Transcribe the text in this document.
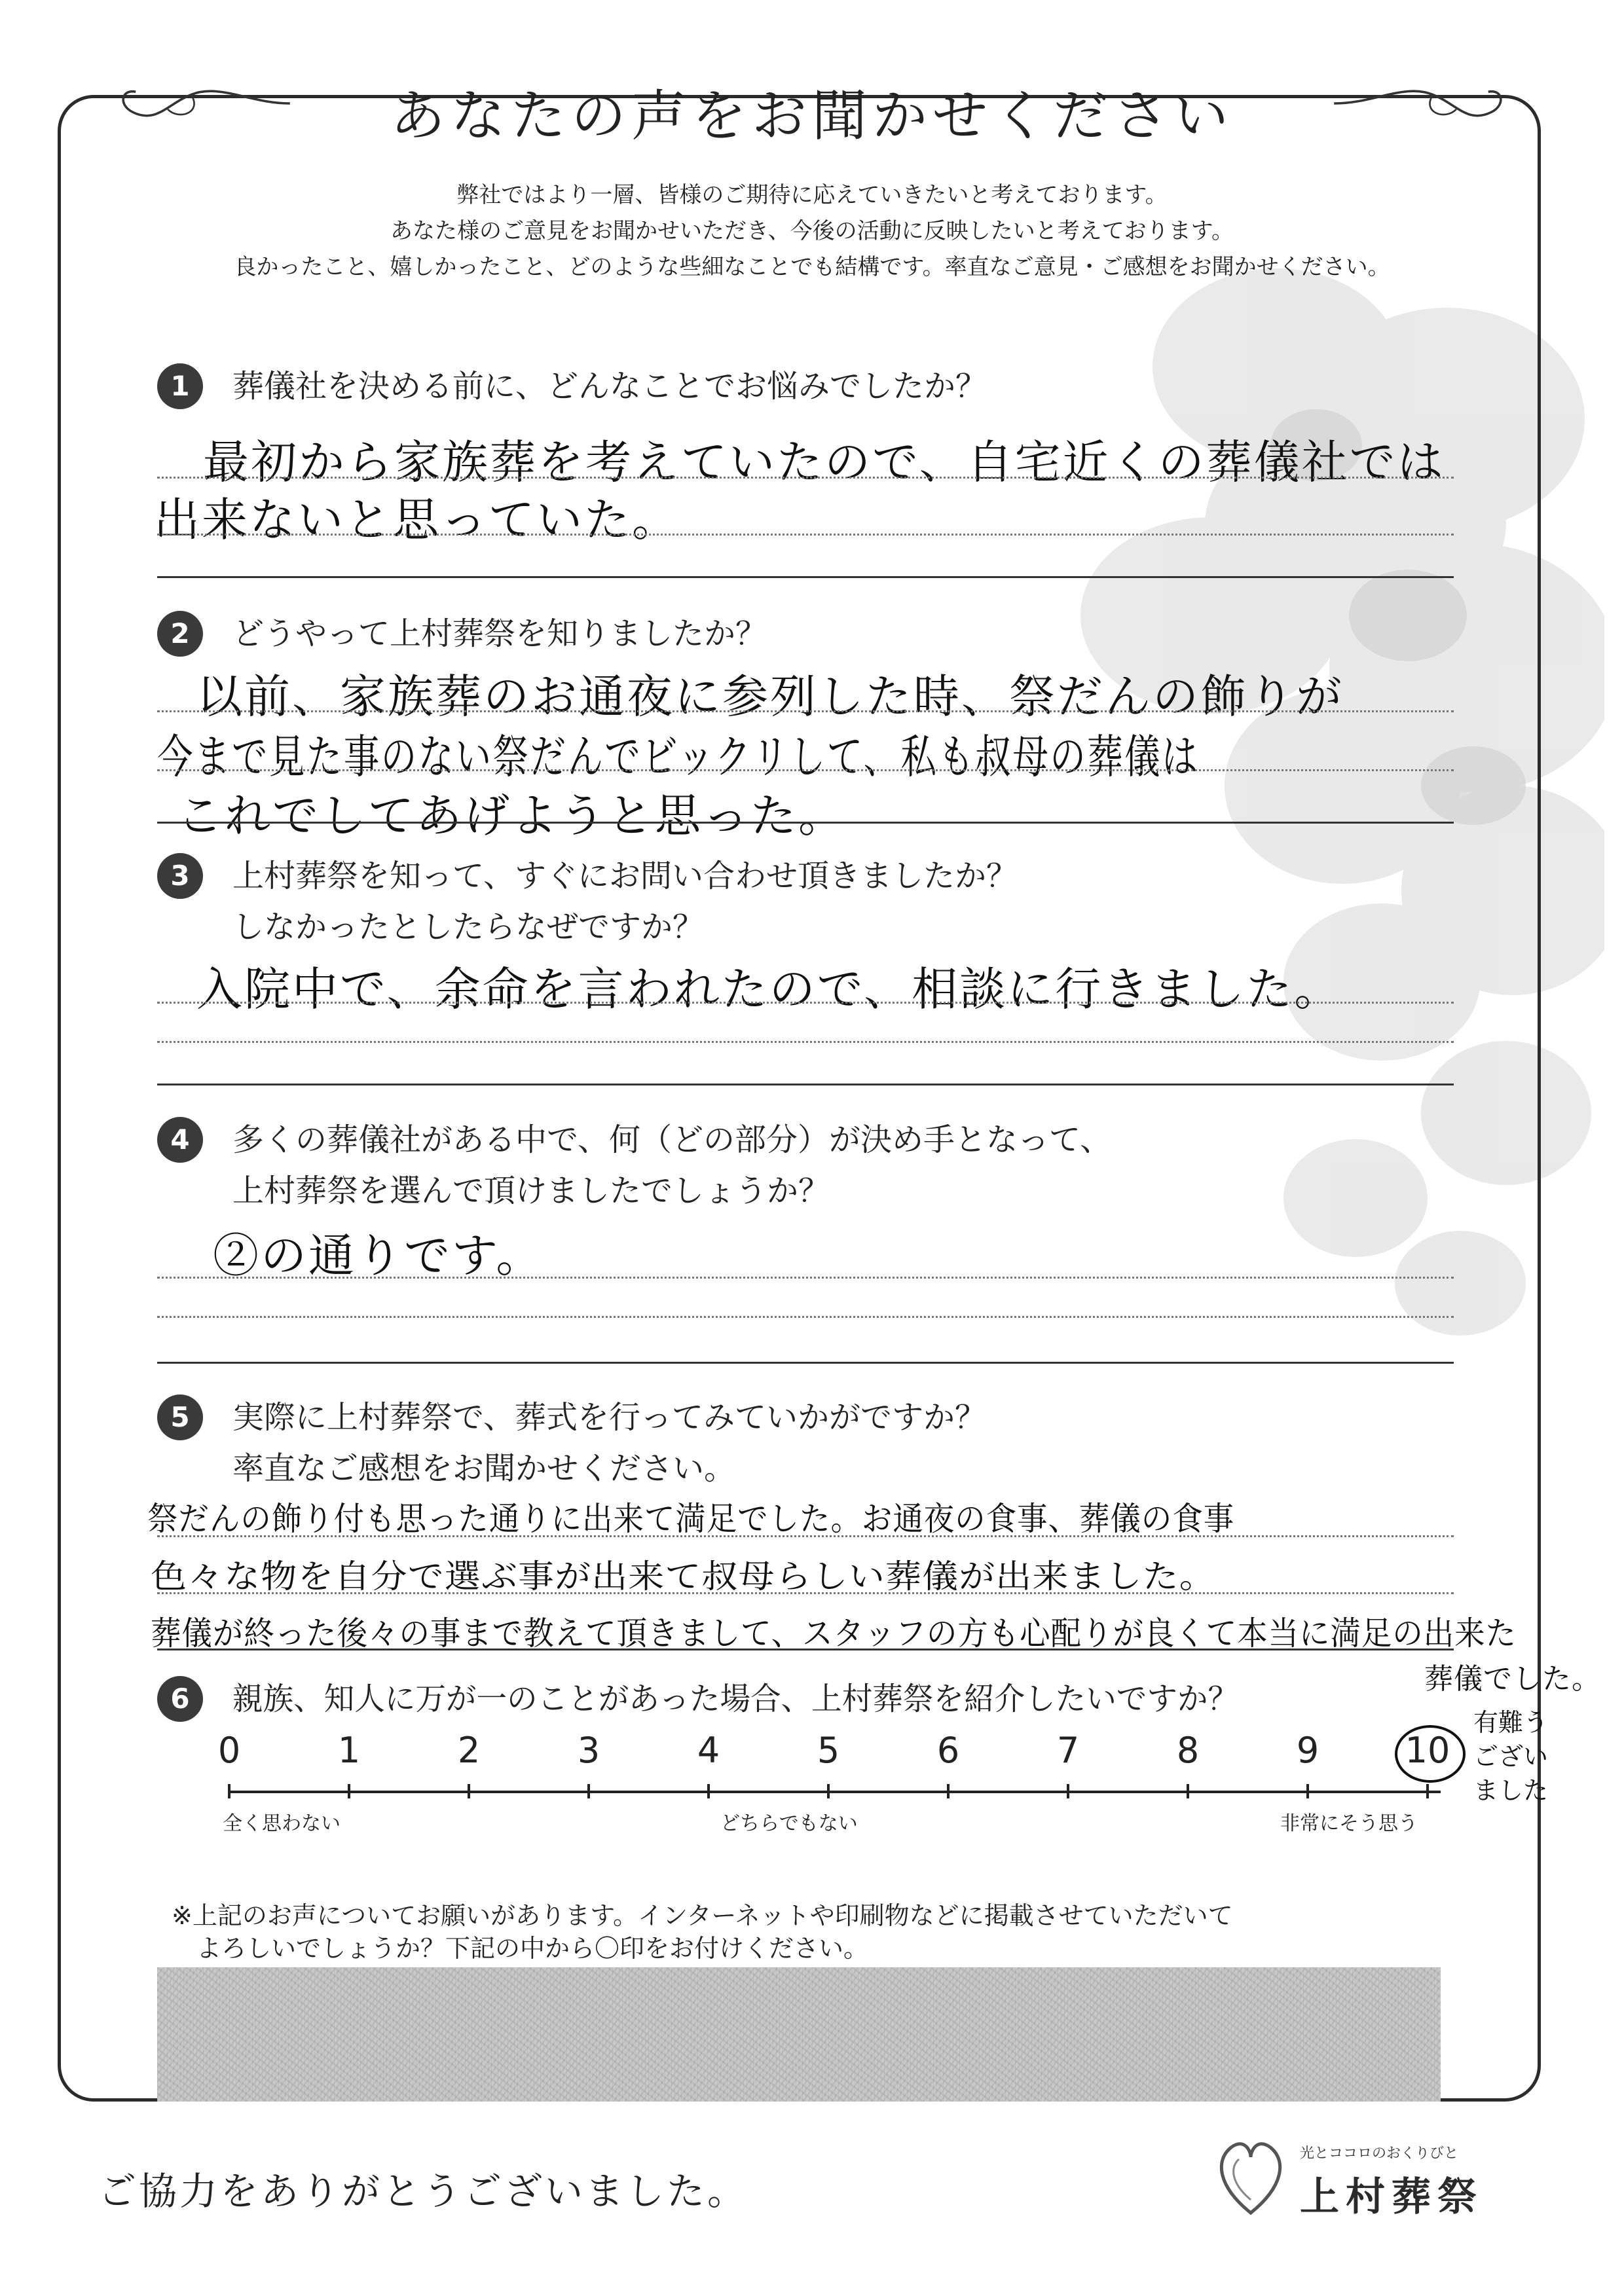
あなたの声をお聞かせください
弊社ではより一層、皆様のご期待に応えていきたいと考えております。
あなた様のご意見をお聞かせいただき、今後の活動に反映したいと考えております。
良かったこと、嬉しかったこと、どのような些細なことでも結構です。率直なご意見・ご感想をお聞かせください。
1	葬儀社を決める前に、どんなことでお悩みでしたか？
最初から家族葬を考えていたので、自宅近くの葬儀社では
出来ないと思っていた。
2	どうやって上村葬祭を知りましたか？
以前、家族葬のお通夜に参列した時、祭だんの飾りが
今まで見た事のない祭だんでビックリして、私も叔母の葬儀は
これでしてあげようと思った。
3	上村葬祭を知って、すぐにお問い合わせ頂きましたか？
しなかったとしたらなぜですか？
入院中で、余命を言われたので、相談に行きました。
4	多くの葬儀社がある中で、何（どの部分）が決め手となって、
上村葬祭を選んで頂けましたでしょうか？
②の通りです。
5	実際に上村葬祭で、葬式を行ってみていかがですか？
率直なご感想をお聞かせください。
祭だんの飾り付も思った通りに出来て満足でした。お通夜の食事、葬儀の食事
色々な物を自分で選ぶ事が出来て叔母らしい葬儀が出来ました。
葬儀が終った後々の事まで教えて頂きまして、スタッフの方も心配りが良くて本当に満足の出来た
葬儀でした。
6	親族、知人に万が一のことがあった場合、上村葬祭を紹介したいですか？
0	1	2	3	4	5	6	7	8	9	10
全く思わない	どちらでもない	非常にそう思う
有難うございました
※上記のお声についてお願いがあります。インターネットや印刷物などに掲載させていただいて
よろしいでしょうか？下記の中から〇印をお付けください。
ご協力をありがとうございました。
光とココロのおくりびと
上村葬祭
